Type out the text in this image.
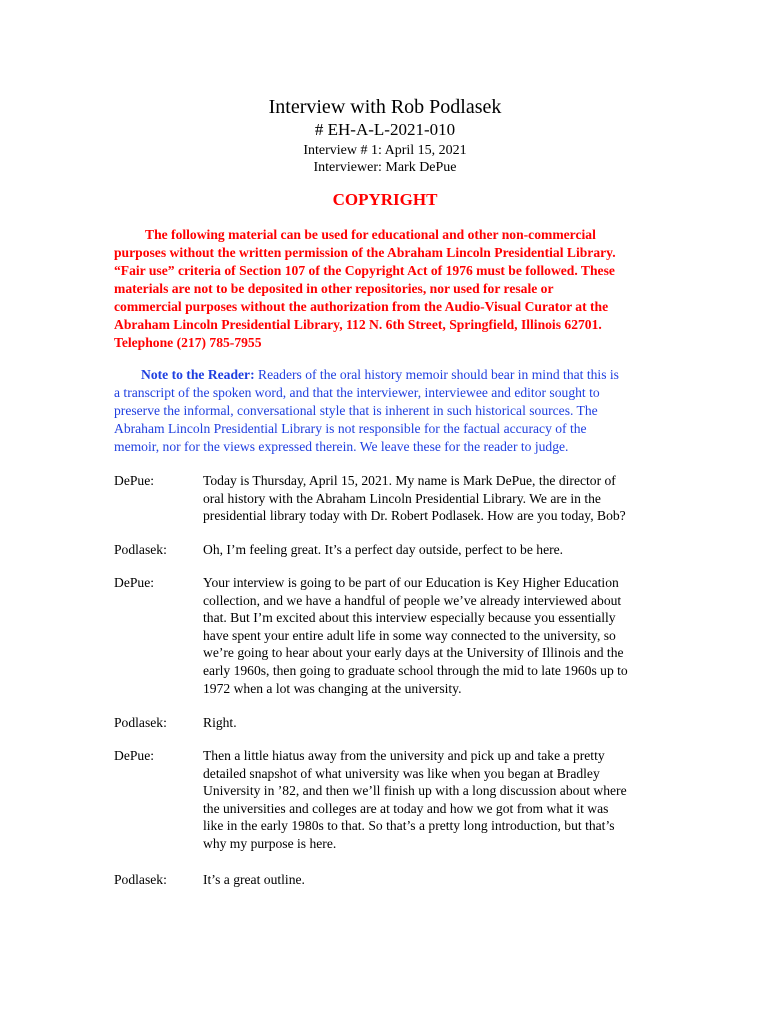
Interview with Rob Podlasek
# EH-A-L-2021-010
Interview # 1: April 15, 2021
Interviewer: Mark DePue
COPYRIGHT

The following material can be used for educational and other non-commercial
purposes without the written permission of the Abraham Lincoln Presidential Library.
“Fair use” criteria of Section 107 of the Copyright Act of 1976 must be followed. These
materials are not to be deposited in other repositories, nor used for resale or
commercial purposes without the authorization from the Audio-Visual Curator at the
Abraham Lincoln Presidential Library, 112 N. 6th Street, Springfield, Illinois 62701.
Telephone (217) 785-7955

Note to the Reader: Readers of the oral history memoir should bear in mind that this is
a transcript of the spoken word, and that the interviewer, interviewee and editor sought to
preserve the informal, conversational style that is inherent in such historical sources. The
Abraham Lincoln Presidential Library is not responsible for the factual accuracy of the
memoir, nor for the views expressed therein. We leave these for the reader to judge.

DePue:	Today is Thursday, April 15, 2021. My name is Mark DePue, the director of
oral history with the Abraham Lincoln Presidential Library. We are in the
presidential library today with Dr. Robert Podlasek. How are you today, Bob?
Podlasek:	Oh, I’m feeling great. It’s a perfect day outside, perfect to be here.
DePue:	Your interview is going to be part of our Education is Key Higher Education
collection, and we have a handful of people we’ve already interviewed about
that. But I’m excited about this interview especially because you essentially
have spent your entire adult life in some way connected to the university, so
we’re going to hear about your early days at the University of Illinois and the
early 1960s, then going to graduate school through the mid to late 1960s up to
1972 when a lot was changing at the university.
Podlasek:	Right.
DePue:	Then a little hiatus away from the university and pick up and take a pretty
detailed snapshot of what university was like when you began at Bradley
University in ’82, and then we’ll finish up with a long discussion about where
the universities and colleges are at today and how we got from what it was
like in the early 1980s to that. So that’s a pretty long introduction, but that’s
why my purpose is here.
Podlasek:	It’s a great outline.
